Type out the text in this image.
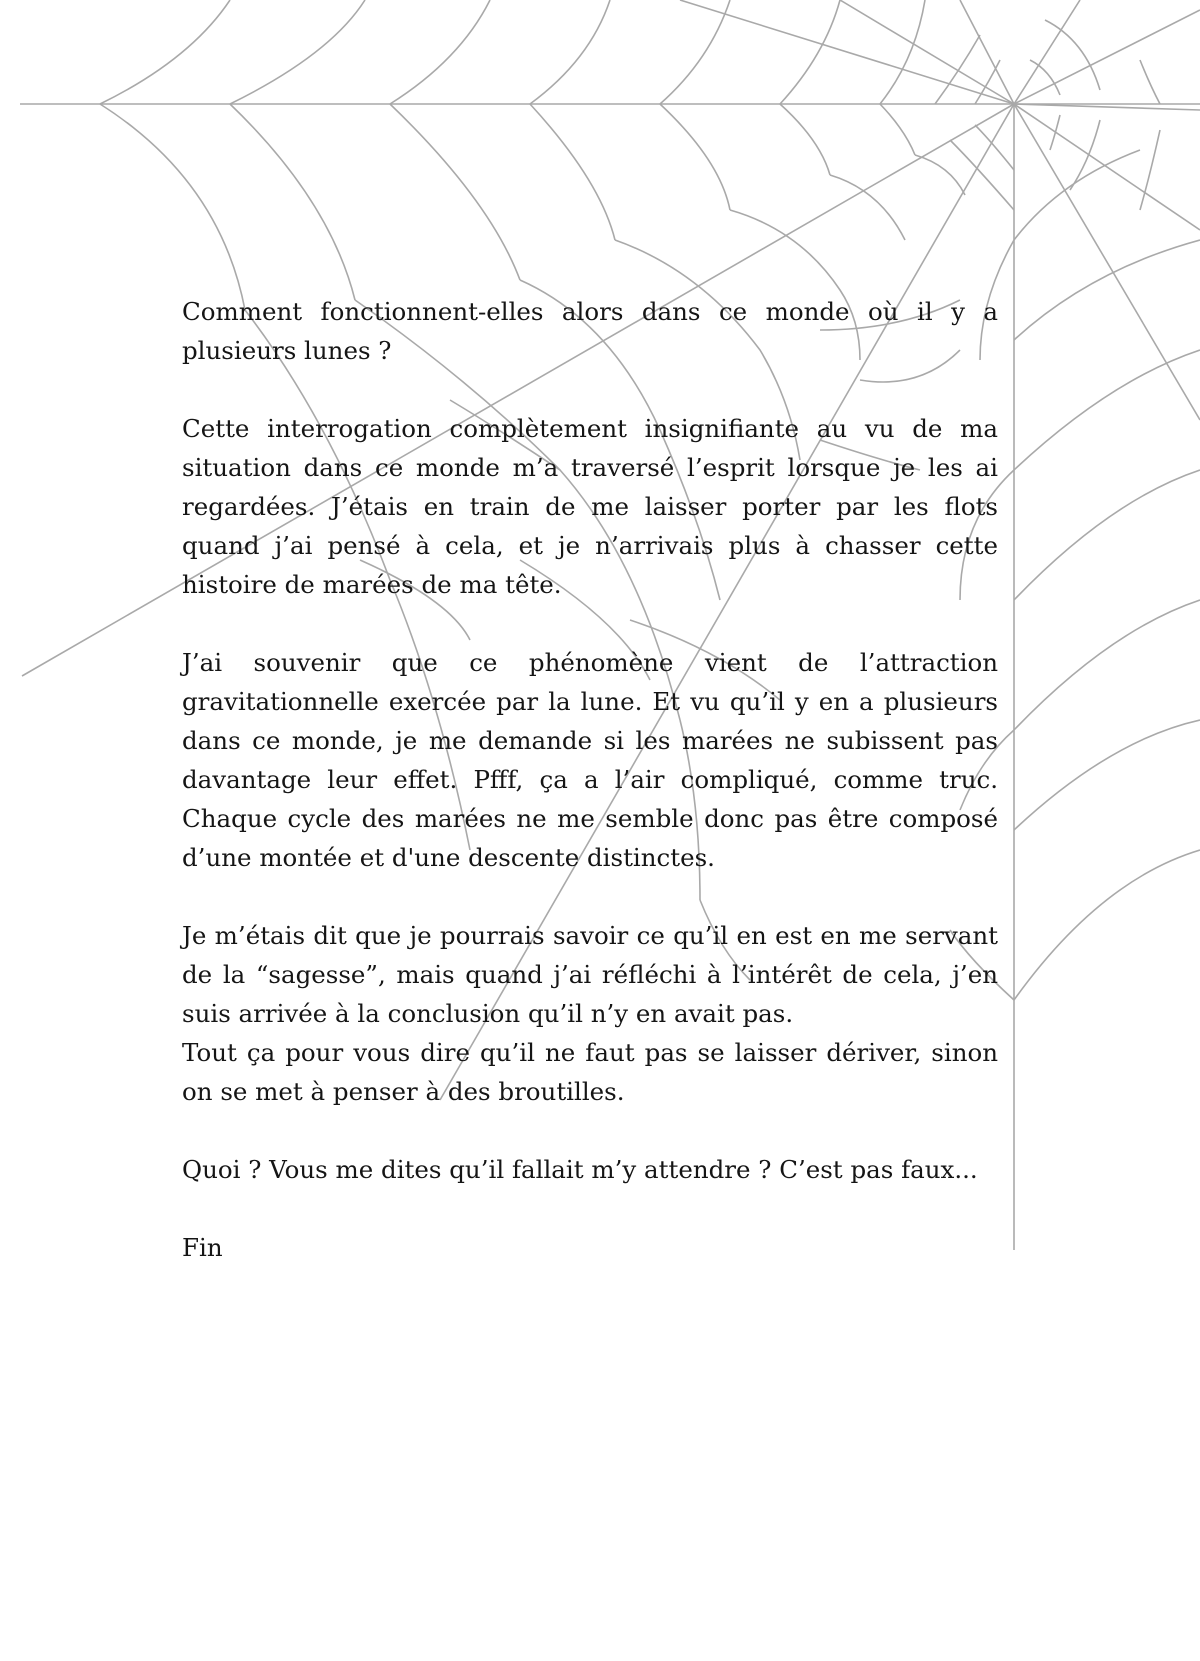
Comment fonctionnent-elles alors dans ce monde où il y a plusieurs lunes ?

Cette interrogation complètement insignifiante au vu de ma situation dans ce monde m’a traversé l’esprit lorsque je les ai regardées. J’étais en train de me laisser porter par les flots quand j’ai pensé à cela, et je n’arrivais plus à chasser cette histoire de marées de ma tête.

J’ai souvenir que ce phénomène vient de l’attraction gravitationnelle exercée par la lune. Et vu qu’il y en a plusieurs dans ce monde, je me demande si les marées ne subissent pas davantage leur effet. Pfff, ça a l’air compliqué, comme truc. Chaque cycle des marées ne me semble donc pas être composé d’une montée et d'une descente distinctes.

Je m’étais dit que je pourrais savoir ce qu’il en est en me servant de la “sagesse”, mais quand j’ai réfléchi à l’intérêt de cela, j’en suis arrivée à la conclusion qu’il n’y en avait pas.

Tout ça pour vous dire qu’il ne faut pas se laisser dériver, sinon on se met à penser à des broutilles.

Quoi ? Vous me dites qu’il fallait m’y attendre ? C’est pas faux...

Fin
